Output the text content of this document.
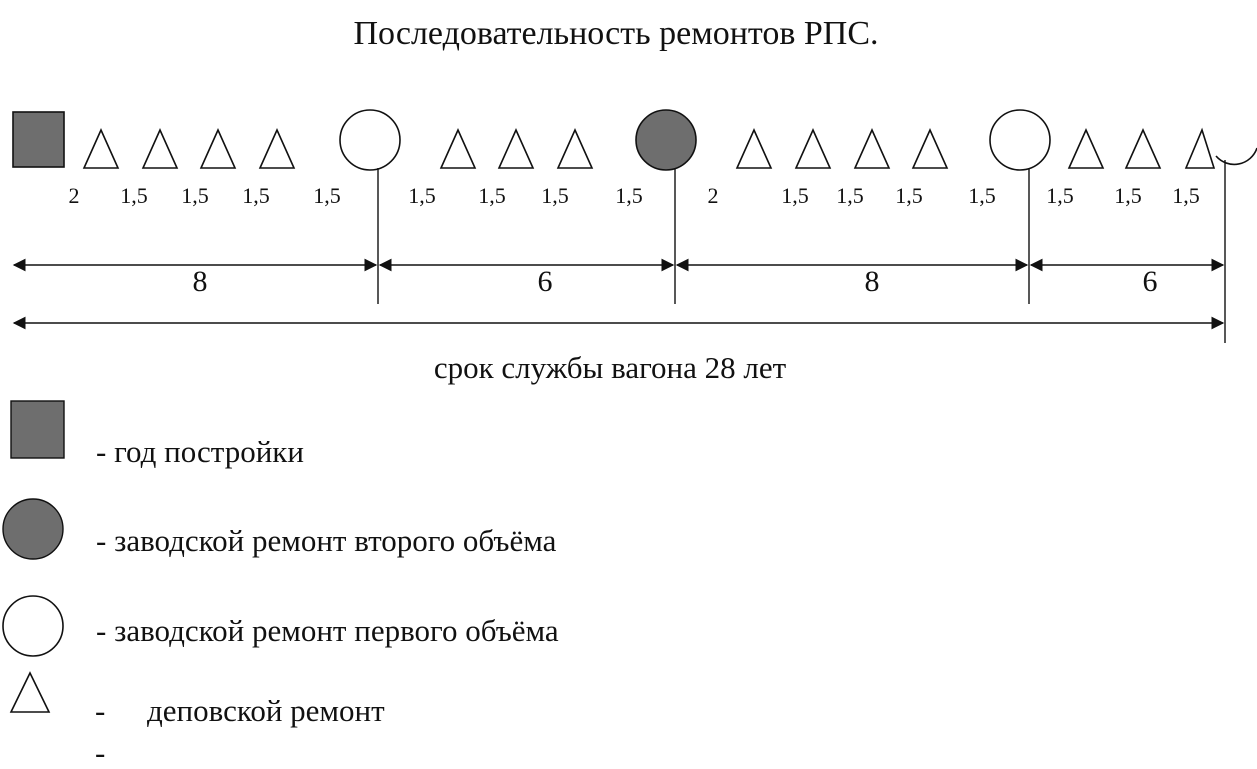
Последовательность ремонтов РПС.
2 1,5 1,5 1,5 1,5	1,5 1,5 1,5 1,5	2	1,5 1,5 1,5 1,5 1,5 1,5 1,5
8	6	8	6
срок службы вагона 28 лет
- год постройки
- заводской ремонт второго объёма
- заводской ремонт первого объёма
- деповской ремонт
-
